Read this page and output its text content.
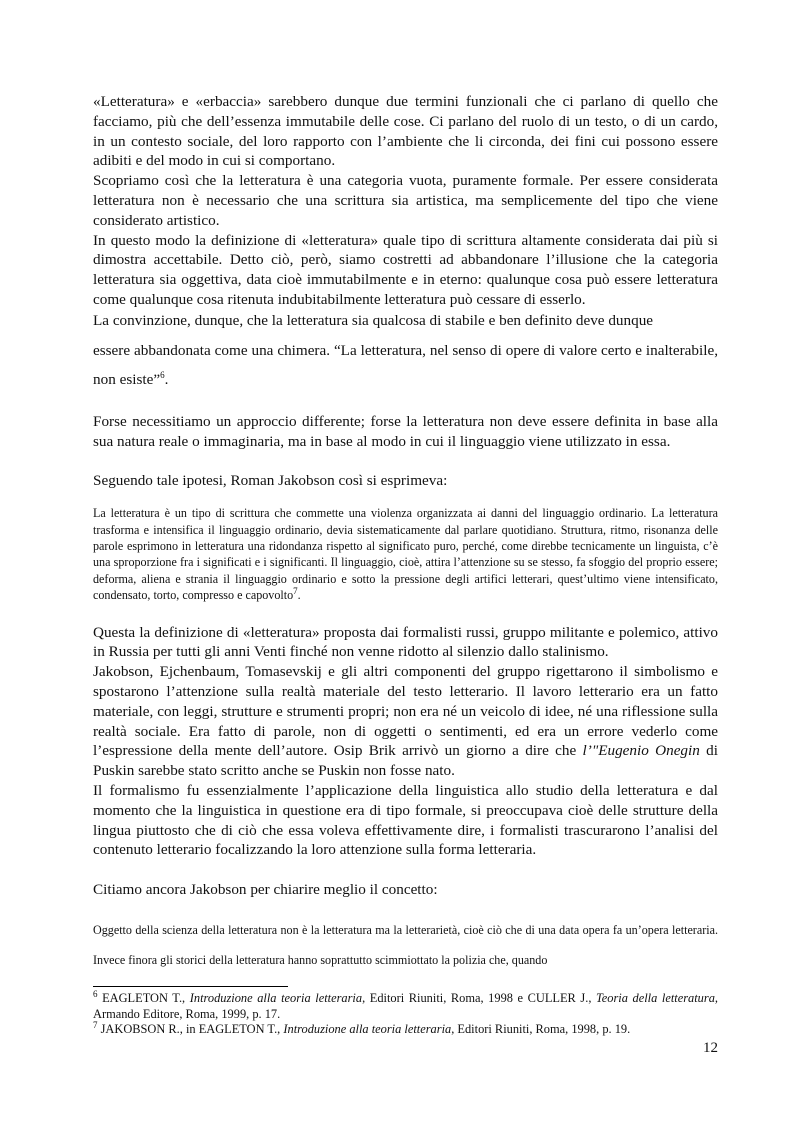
«Letteratura» e «erbaccia» sarebbero dunque due termini funzionali che ci parlano di quello che facciamo, più che dell’essenza immutabile delle cose. Ci parlano del ruolo di un testo, o di un cardo, in un contesto sociale, del loro rapporto con l’ambiente che li circonda, dei fini cui possono essere adibiti e del modo in cui si comportano.

Scopriamo così che la letteratura è una categoria vuota, puramente formale. Per essere considerata letteratura non è necessario che una scrittura sia artistica, ma semplicemente del tipo che viene considerato artistico.

In questo modo la definizione di «letteratura» quale tipo di scrittura altamente considerata dai più si dimostra accettabile. Detto ciò, però, siamo costretti ad abbandonare l’illusione che la categoria letteratura sia oggettiva, data cioè immutabilmente e in eterno: qualunque cosa può essere letteratura come qualunque cosa ritenuta indubitabilmente letteratura può cessare di esserlo.

La convinzione, dunque, che la letteratura sia qualcosa di stabile e ben definito deve dunque

essere abbandonata come una chimera. “La letteratura, nel senso di opere di valore certo e inalterabile, non esiste”$^6$.

Forse necessitiamo un approccio differente; forse la letteratura non deve essere definita in base alla sua natura reale o immaginaria, ma in base al modo in cui il linguaggio viene utilizzato in essa.

Seguendo tale ipotesi, Roman Jakobson così si esprimeva:

La letteratura è un tipo di scrittura che commette una violenza organizzata ai danni del linguaggio ordinario. La letteratura trasforma e intensifica il linguaggio ordinario, devia sistematicamente dal parlare quotidiano. Struttura, ritmo, risonanza delle parole esprimono in letteratura una ridondanza rispetto al significato puro, perché, come direbbe tecnicamente un linguista, c’è una sproporzione fra i significati e i significanti. Il linguaggio, cioè, attira l’attenzione su se stesso, fa sfoggio del proprio essere; deforma, aliena e strania il linguaggio ordinario e sotto la pressione degli artifici letterari, quest’ultimo viene intensificato, condensato, torto, compresso e capovolto$^7$.

Questa la definizione di «letteratura» proposta dai formalisti russi, gruppo militante e polemico, attivo in Russia per tutti gli anni Venti finché non venne ridotto al silenzio dallo stalinismo.

Jakobson, Ejchenbaum, Tomasevskij e gli altri componenti del gruppo rigettarono il simbolismo e spostarono l’attenzione sulla realtà materiale del testo letterario. Il lavoro letterario era un fatto materiale, con leggi, strutture e strumenti propri; non era né un veicolo di idee, né una riflessione sulla realtà sociale. Era fatto di parole, non di oggetti o sentimenti, ed era un errore vederlo come l’espressione della mente dell’autore. Osip Brik arrivò un giorno a dire che l’"Eugenio Onegin di Puskin sarebbe stato scritto anche se Puskin non fosse nato.

Il formalismo fu essenzialmente l’applicazione della linguistica allo studio della letteratura e dal momento che la linguistica in questione era di tipo formale, si preoccupava cioè delle strutture della lingua piuttosto che di ciò che essa voleva effettivamente dire, i formalisti trascurarono l’analisi del contenuto letterario focalizzando la loro attenzione sulla forma letteraria.

Citiamo ancora Jakobson per chiarire meglio il concetto:

Oggetto della scienza della letteratura non è la letteratura ma la letterarietà, cioè ciò che di una data opera fa un’opera letteraria. Invece finora gli storici della letteratura hanno soprattutto scimmiottato la polizia che, quando

$^6$ EAGLETON T., Introduzione alla teoria letteraria, Editori Riuniti, Roma, 1998 e CULLER J., Teoria della letteratura, Armando Editore, Roma, 1999, p. 17.

$^7$ JAKOBSON R., in EAGLETON T., Introduzione alla teoria letteraria, Editori Riuniti, Roma, 1998, p. 19.

12
